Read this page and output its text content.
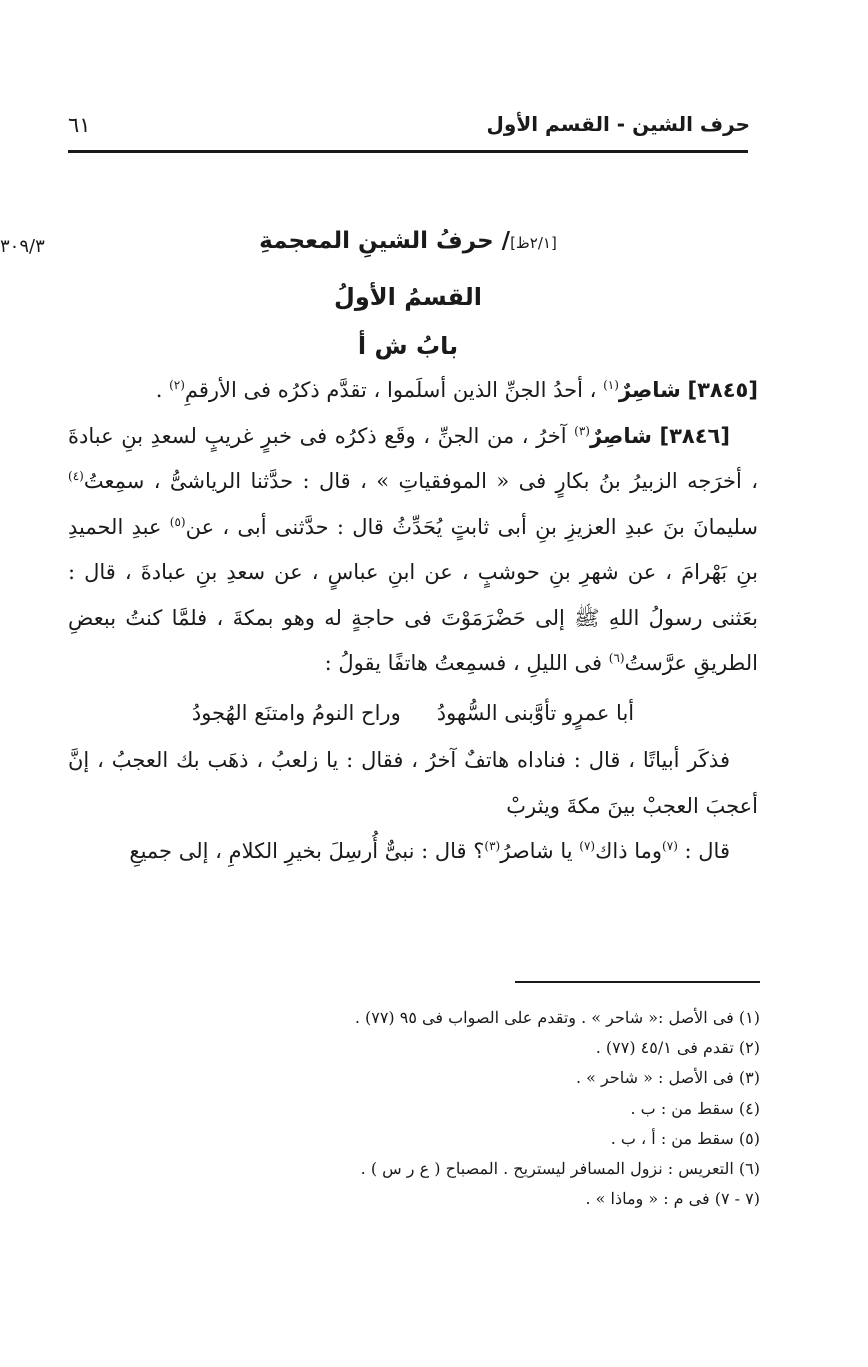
حرف الشين - القسم الأول
٦١
٣٠٩/٣	[٢/١ظ]/ حرفُ الشينِ المعجمةِ
القسمُ الأولُ
بابُ ش أ

[٣٨٤٥] شاصِرٌ$^{(١)}$ ، أحدُ الجنِّ الذين أسلَموا ، تقدَّم ذكرُه فى الأرقمِ$^{(٢)}$ .

[٣٨٤٦] شاصِرٌ$^{(٣)}$ آخرُ ، من الجنِّ ، وقَع ذكرُه فى خبرٍ غريبٍ لسعدِ بنِ عبادةَ ، أخرَجه الزبيرُ بنُ بكارٍ فى « الموفقياتِ » ، قال : حدَّثنا الرياشىُّ ، سمِعتُ$^{(٤)}$ سليمانَ بنَ عبدِ العزيزِ بنِ أبى ثابتٍ يُحَدِّثُ قال : حدَّثنى أبى ، عن$^{(٥)}$ عبدِ الحميدِ بنِ بَهْرامَ ، عن شهرِ بنِ حوشبٍ ، عن ابنِ عباسٍ ، عن سعدِ بنِ عبادةَ ، قال : بعَثنى رسولُ اللهِ ﷺ إلى حَضْرَمَوْتَ فى حاجةٍ له وهو بمكةَ ، فلمَّا كنتُ ببعضِ الطريقِ عرَّستُ$^{(٦)}$ فى الليلِ ، فسمِعتُ هاتفًا يقولُ :

أبا عمرٍو تأوَّبنى السُّهودُوراح النومُ وامتنَع الهُجودُ

فذكَر أبياتًا ، قال : فناداه هاتفٌ آخرُ ، فقال : يا زلعبُ ، ذهَب بك العجبُ ، إنَّ أعجبَ العجبْ بينَ مكةَ ويثربْ

قال : $^{(٧)}$وما ذاك$^{(٧)}$ يا شاصرُ$^{(٣)}$؟ قال : نبىٌّ أُرسِلَ بخيرِ الكلامِ ، إلى جميعِ

(١) فى الأصل :« شاحر » . وتقدم على الصواب فى ٩٥ (٧٧) .
(٢) تقدم فى ٤٥/١ (٧٧) .
(٣) فى الأصل : « شاحر » .
(٤) سقط من : ب .
(٥) سقط من : أ ، ب .
(٦) التعريس : نزول المسافر ليستريح . المصباح ( ع ر س ) .
(٧ - ٧) فى م : « وماذا » .
